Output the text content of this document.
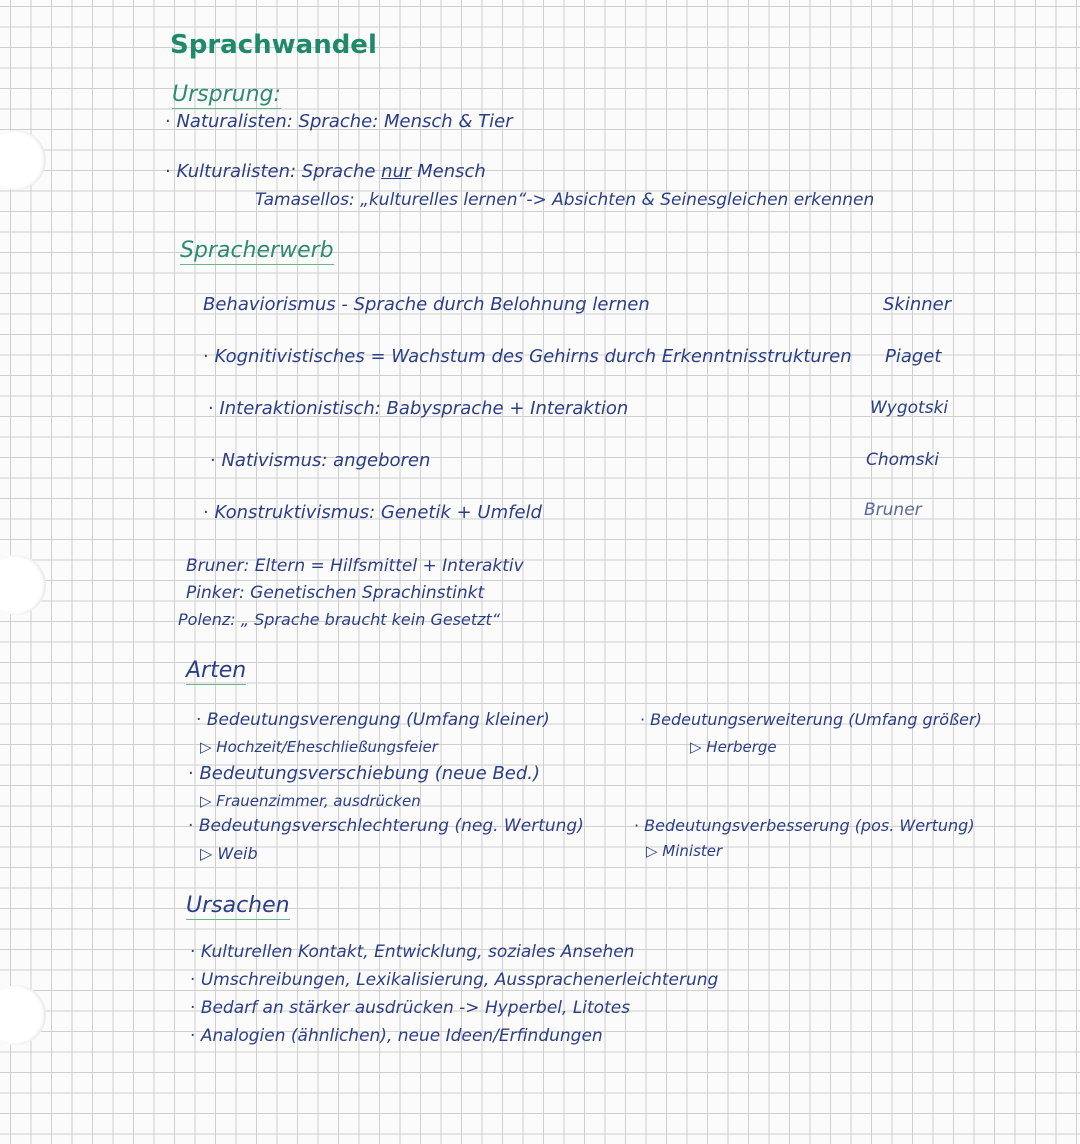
Sprachwandel
Ursprung:
· Naturalisten: Sprache: Mensch & Tier
· Kulturalisten: Sprache nur Mensch
Tamasellos: „kulturelles lernen“-> Absichten & Seinesgleichen erkennen
Spracherwerb
Behaviorismus - Sprache durch Belohnung lernen	Skinner
· Kognitivistisches = Wachstum des Gehirns durch Erkenntnisstrukturen Piaget
· Interaktionistisch: Babysprache + Interaktion	Wygotski
· Nativismus: angeboren	Chomski
· Konstruktivismus: Genetik + Umfeld	Bruner
Bruner: Eltern = Hilfsmittel + Interaktiv
Pinker: Genetischen Sprachinstinkt
Polenz: „ Sprache braucht kein Gesetzt“
Arten
· Bedeutungsverengung (Umfang kleiner)
▷ Hochzeit/Eheschließungsfeier
· Bedeutungserweiterung (Umfang größer)
▷ Herberge
· Bedeutungsverschiebung (neue Bed.)
▷ Frauenzimmer, ausdrücken
· Bedeutungsverschlechterung (neg. Wertung)
▷ Weib
· Bedeutungsverbesserung (pos. Wertung)
▷ Minister
Ursachen
· Kulturellen Kontakt, Entwicklung, soziales Ansehen
· Umschreibungen, Lexikalisierung, Aussprachenerleichterung
· Bedarf an stärker ausdrücken -> Hyperbel, Litotes
· Analogien (ähnlichen), neue Ideen/Erfindungen
